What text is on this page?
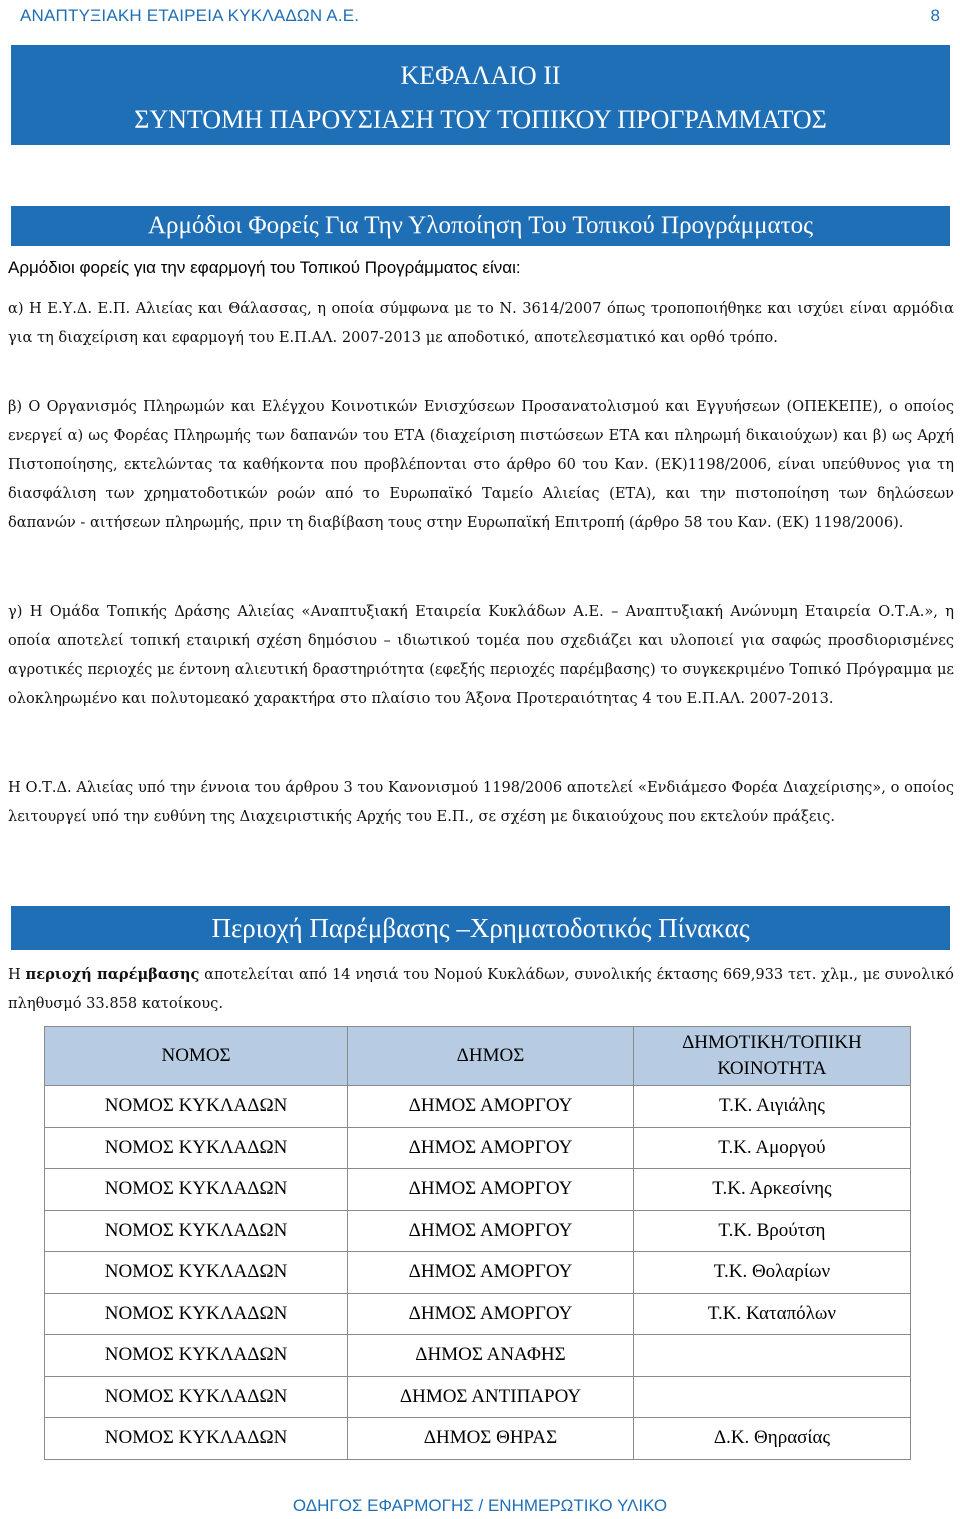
ΑΝΑΠΤΥΞΙΑΚΗ ΕΤΑΙΡΕΙΑ ΚΥΚΛΑΔΩΝ Α.Ε.	8
ΚΕΦΑΛΑΙΟ ΙΙ
ΣΥΝΤΟΜΗ ΠΑΡΟΥΣΙΑΣΗ ΤΟΥ ΤΟΠΙΚΟΥ ΠΡΟΓΡΑΜΜΑΤΟΣ
Αρμόδιοι Φορείς Για Την Υλοποίηση Του Τοπικού Προγράμματος
Αρμόδιοι φορείς για την εφαρμογή του Τοπικού Προγράμματος είναι:
α) Η Ε.Υ.Δ. Ε.Π. Αλιείας και Θάλασσας, η οποία σύμφωνα με το Ν. 3614/2007 όπως τροποποιήθηκε και ισχύει είναι αρμόδια για τη διαχείριση και εφαρμογή του Ε.Π.ΑΛ. 2007-2013 με αποδοτικό, αποτελεσματικό και ορθό τρόπο.
β) Ο Οργανισμός Πληρωμών και Ελέγχου Κοινοτικών Ενισχύσεων Προσανατολισμού και Εγγυήσεων (ΟΠΕΚΕΠΕ), ο οποίος ενεργεί α) ως Φορέας Πληρωμής των δαπανών του ΕΤΑ (διαχείριση πιστώσεων ΕΤΑ και πληρωμή δικαιούχων) και β) ως Αρχή Πιστοποίησης, εκτελώντας τα καθήκοντα που προβλέπονται στο άρθρο 60 του Καν. (ΕΚ)1198/2006, είναι υπεύθυνος για τη διασφάλιση των χρηματοδοτικών ροών από το Ευρωπαϊκό Ταμείο Αλιείας (ΕΤΑ), και την πιστοποίηση των δηλώσεων δαπανών - αιτήσεων πληρωμής, πριν τη διαβίβαση τους στην Ευρωπαϊκή Επιτροπή (άρθρο 58 του Καν. (ΕΚ) 1198/2006).
γ) Η Ομάδα Τοπικής Δράσης Αλιείας «Αναπτυξιακή Εταιρεία Κυκλάδων Α.Ε. – Αναπτυξιακή Ανώνυμη Εταιρεία Ο.Τ.Α.», η οποία αποτελεί τοπική εταιρική σχέση δημόσιου – ιδιωτικού τομέα που σχεδιάζει και υλοποιεί για σαφώς προσδιορισμένες αγροτικές περιοχές με έντονη αλιευτική δραστηριότητα (εφεξής περιοχές παρέμβασης) το συγκεκριμένο Τοπικό Πρόγραμμα με ολοκληρωμένο και πολυτομεακό χαρακτήρα στο πλαίσιο του Άξονα Προτεραιότητας 4 του Ε.Π.ΑΛ. 2007-2013.
Η Ο.Τ.Δ. Αλιείας υπό την έννοια του άρθρου 3 του Κανονισμού 1198/2006 αποτελεί «Ενδιάμεσο Φορέα Διαχείρισης», ο οποίος λειτουργεί υπό την ευθύνη της Διαχειριστικής Αρχής του Ε.Π., σε σχέση με δικαιούχους που εκτελούν πράξεις.
Περιοχή Παρέμβασης –Χρηματοδοτικός Πίνακας
Η περιοχή παρέμβασης αποτελείται από 14 νησιά του Νομού Κυκλάδων, συνολικής έκτασης 669,933 τετ. χλμ., με συνολικό πληθυσμό 33.858 κατοίκους.
ΝΟΜΟΣ	ΔΗΜΟΣ	ΔΗΜΟΤΙΚΗ/ΤΟΠΙΚΗ ΚΟΙΝΟΤΗΤΑ
ΝΟΜΟΣ ΚΥΚΛΑΔΩΝ	ΔΗΜΟΣ ΑΜΟΡΓΟΥ	Τ.Κ. Αιγιάλης
ΝΟΜΟΣ ΚΥΚΛΑΔΩΝ	ΔΗΜΟΣ ΑΜΟΡΓΟΥ	Τ.Κ. Αμοργού
ΝΟΜΟΣ ΚΥΚΛΑΔΩΝ	ΔΗΜΟΣ ΑΜΟΡΓΟΥ	Τ.Κ. Αρκεσίνης
ΝΟΜΟΣ ΚΥΚΛΑΔΩΝ	ΔΗΜΟΣ ΑΜΟΡΓΟΥ	Τ.Κ. Βρούτση
ΝΟΜΟΣ ΚΥΚΛΑΔΩΝ	ΔΗΜΟΣ ΑΜΟΡΓΟΥ	Τ.Κ. Θολαρίων
ΝΟΜΟΣ ΚΥΚΛΑΔΩΝ	ΔΗΜΟΣ ΑΜΟΡΓΟΥ	Τ.Κ. Καταπόλων
ΝΟΜΟΣ ΚΥΚΛΑΔΩΝ	ΔΗΜΟΣ ΑΝΑΦΗΣ	
ΝΟΜΟΣ ΚΥΚΛΑΔΩΝ	ΔΗΜΟΣ ΑΝΤΙΠΑΡΟΥ	
ΝΟΜΟΣ ΚΥΚΛΑΔΩΝ	ΔΗΜΟΣ ΘΗΡΑΣ	Δ.Κ. Θηρασίας
ΟΔΗΓΟΣ ΕΦΑΡΜΟΓΗΣ / ΕΝΗΜΕΡΩΤΙΚΟ ΥΛΙΚΟ
